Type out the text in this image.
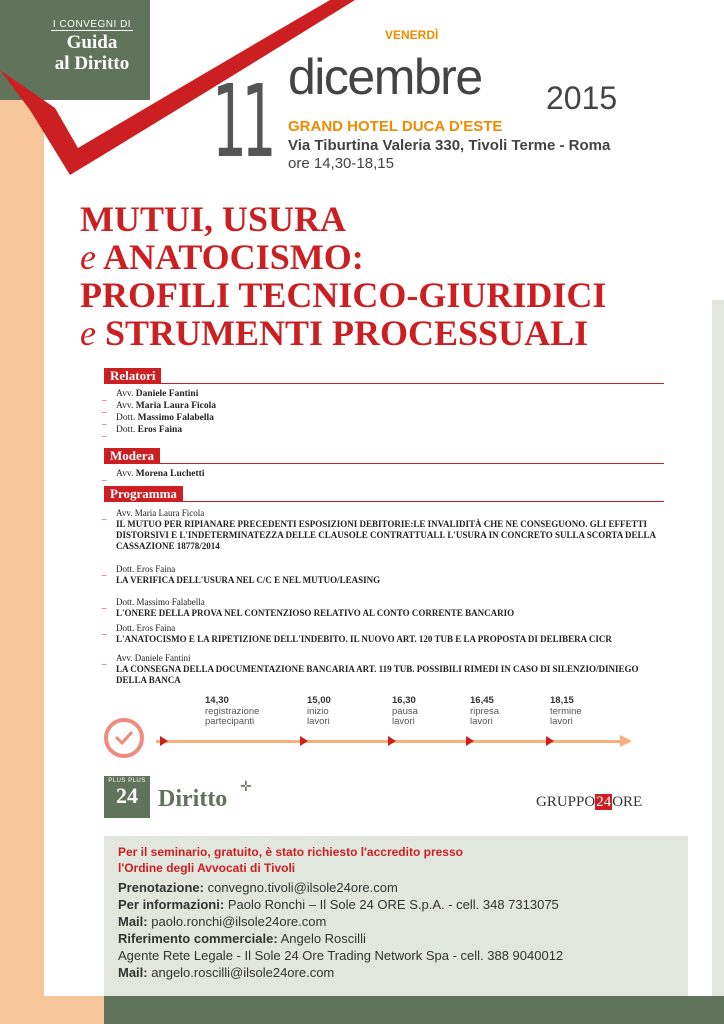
I CONVEGNI DI
Guida
al Diritto
VENERDÌ
11 dicembre 2015
GRAND HOTEL DUCA D'ESTE
Via Tiburtina Valeria 330, Tivoli Terme - Roma
ore 14,30-18,15
MUTUI, USURA
e ANATOCISMO:
PROFILI TECNICO-GIURIDICI
e STRUMENTI PROCESSUALI
Relatori
_ Avv. Daniele Fantini
_ Avv. Maria Laura Ficola
_ Dott. Massimo Falabella
_ Dott. Eros Faina
Modera
_ Avv. Morena Luchetti
Programma
_ Avv. Maria Laura Ficola
IL MUTUO PER RIPIANARE PRECEDENTI ESPOSIZIONI DEBITORIE:LE INVALIDITÀ CHE NE CONSEGUONO. GLI EFFETTI DISTORSIVI E L'INDETERMINATEZZA DELLE CLAUSOLE CONTRATTUALI. L'USURA IN CONCRETO SULLA SCORTA DELLA CASSAZIONE 18778/2014
_ Dott. Eros Faina
LA VERIFICA DELL'USURA NEL C/C E NEL MUTUO/LEASING
_ Dott. Massimo Falabella
L'ONERE DELLA PROVA NEL CONTENZIOSO RELATIVO AL CONTO CORRENTE BANCARIO
_ Dott. Eros Faina
L'ANATOCISMO E LA RIPETIZIONE DELL'INDEBITO. IL NUOVO ART. 120 TUB E LA PROPOSTA DI DELIBERA CICR
_ Avv. Daniele Fantini
LA CONSEGNA DELLA DOCUMENTAZIONE BANCARIA ART. 119 TUB. POSSIBILI RIMEDI IN CASO DI SILENZIO/DINIEGO DELLA BANCA
14,30
registrazione
partecipanti
15,00
inizio
lavori
16,30
pausa
lavori
16,45
ripresa
lavori
18,15
termine
lavori
PLUS PLUS
24 Diritto ✛
GRUPPO24ORE
Per il seminario, gratuito, è stato richiesto l'accredito presso
l'Ordine degli Avvocati di Tivoli
Prenotazione: convegno.tivoli@ilsole24ore.com
Per informazioni: Paolo Ronchi – Il Sole 24 ORE S.p.A. - cell. 348 7313075
Mail: paolo.ronchi@ilsole24ore.com
Riferimento commerciale: Angelo Roscilli
Agente Rete Legale - Il Sole 24 Ore Trading Network Spa - cell. 388 9040012
Mail: angelo.roscilli@ilsole24ore.com
